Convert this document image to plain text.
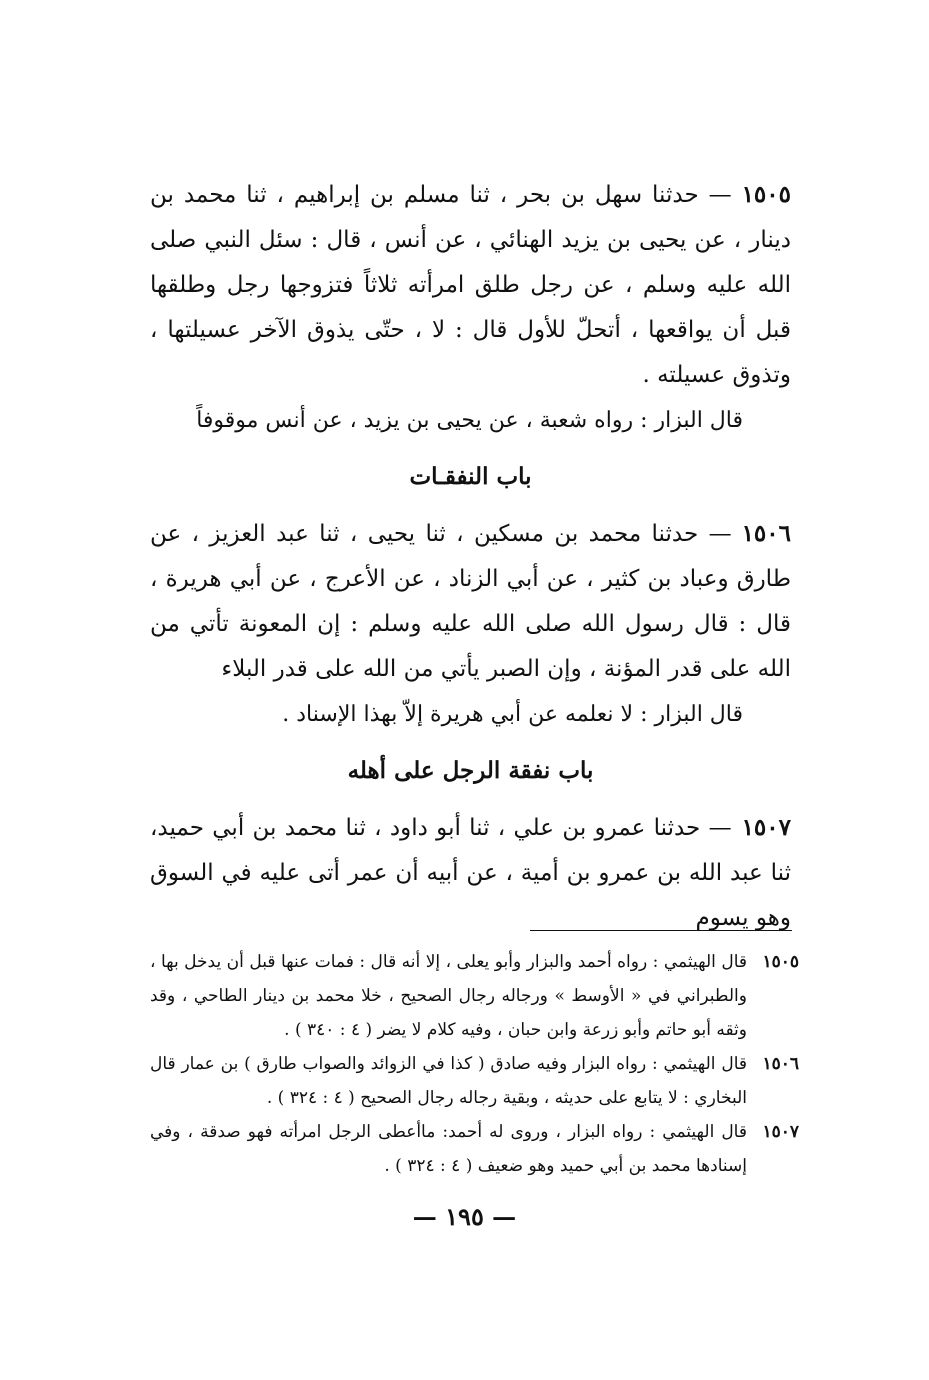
١٥٠٥— حدثنا سهل بن بحر ، ثنا مسلم بن إبراهيم ، ثنا محمد بن دينار ، عن يحيى بن يزيد الهنائي ، عن أنس ، قال : سئل النبي صلى الله عليه وسلم ، عن رجل طلق امرأته ثلاثاً فتزوجها رجل وطلقها قبل أن يواقعها ، أتحلّ للأول قال : لا ، حتّى يذوق الآخر عسيلتها ، وتذوق عسيلته .

قال البزار : رواه شعبة ، عن يحيى بن يزيد ، عن أنس موقوفاً

باب النفقـات

١٥٠٦— حدثنا محمد بن مسكين ، ثنا يحيى ، ثنا عبد العزيز ، عن طارق وعباد بن كثير ، عن أبي الزناد ، عن الأعرج ، عن أبي هريرة ، قال : قال رسول الله صلى الله عليه وسلم : إن المعونة تأتي من الله على قدر المؤنة ، وإن الصبر يأتي من الله على قدر البلاء

قال البزار : لا نعلمه عن أبي هريرة إلاّ بهذا الإسناد .

باب نفقة الرجل على أهله

١٥٠٧— حدثنا عمرو بن علي ، ثنا أبو داود ، ثنا محمد بن أبي حميد، ثنا عبد الله بن عمرو بن أمية ، عن أبيه أن عمر أتى عليه في السوق وهو يسوم

١٥٠٥
قال الهيثمي : رواه أحمد والبزار وأبو يعلى ، إلا أنه قال : فمات عنها قبل أن يدخل بها ، والطبراني في « الأوسط » ورجاله رجال الصحيح ، خلا محمد بن دينار الطاحي ، وقد وثقه أبو حاتم وأبو زرعة وابن حبان ، وفيه كلام لا يضر ( ٤ : ٣٤٠ ) .
١٥٠٦
قال الهيثمي : رواه البزار وفيه صادق ( كذا في الزوائد والصواب طارق ) بن عمار قال البخاري : لا يتابع على حديثه ، وبقية رجاله رجال الصحيح ( ٤ : ٣٢٤ ) .
١٥٠٧
قال الهيثمي : رواه البزار ، وروى له أحمد: ماأعطى الرجل امرأته فهو صدقة ، وفي إسنادها محمد بن أبي حميد وهو ضعيف ( ٤ : ٣٢٤ ) .
— ١٩٥ —
